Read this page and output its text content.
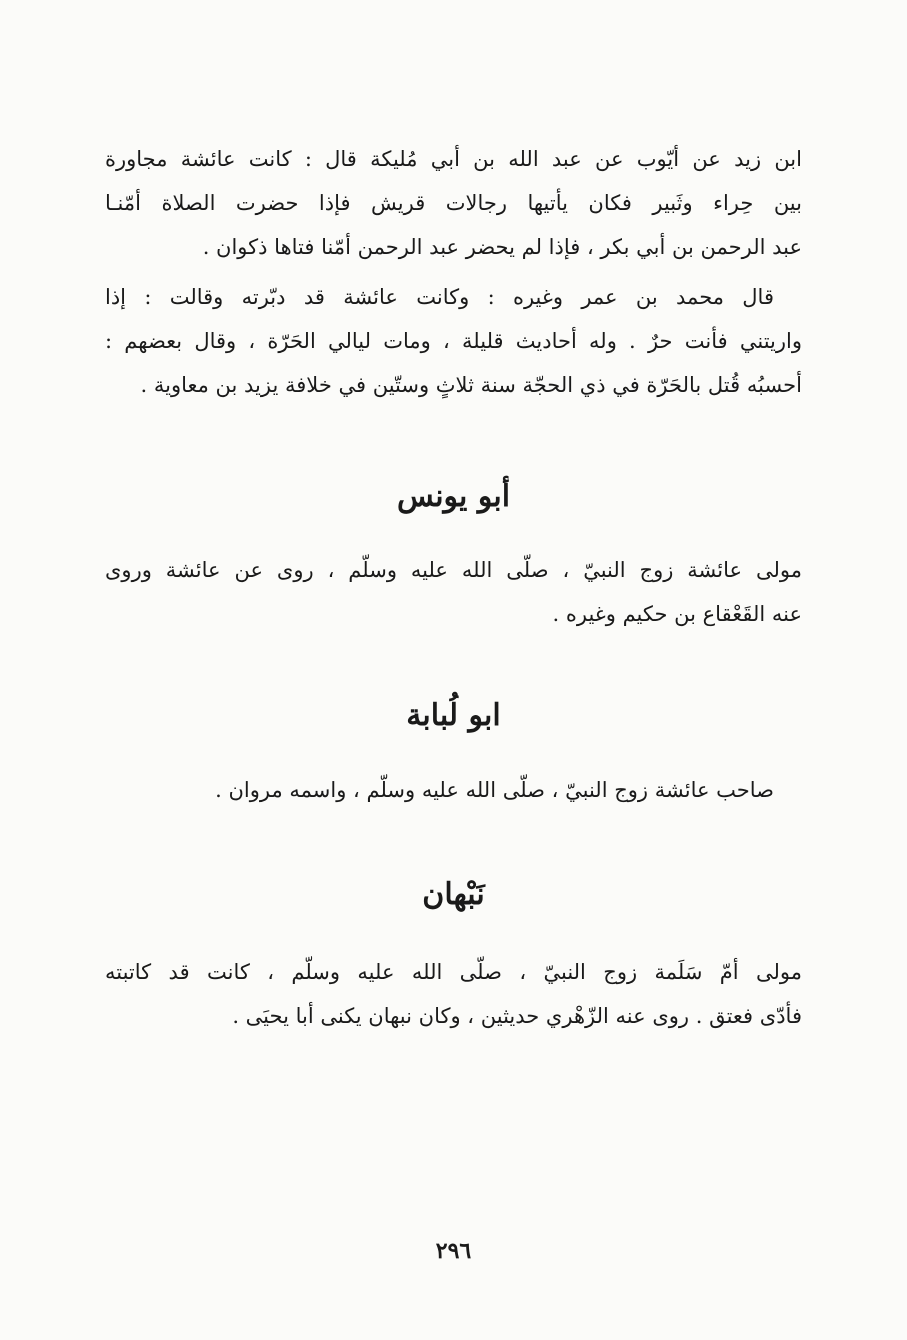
ابن زيد عن أيّوب عن عبد الله بن أبي مُليكة قال : كانت عائشة مجاورة
بين حِراء وثَبير فكان يأتيها رجالات قريش فإذا حضرت الصلاة أمّنـا
عبد الرحمن بن أبي بكر ، فإذا لم يحضر عبد الرحمن أمّنا فتاها ذكوان .
قال محمد بن عمر وغيره : وكانت عائشة قد دبّرته وقالت : إذا
واريتني فأنت حرٌ . وله أحاديث قليلة ، ومات ليالي الحَرّة ، وقال بعضهم :
أحسبُه قُتل بالحَرّة في ذي الحجّة سنة ثلاثٍ وستّين في خلافة يزيد بن معاوية .
أبو يونس
مولى عائشة زوج النبيّ ، صلّى الله عليه وسلّم ، روى عن عائشة وروى
عنه القَعْقاع بن حكيم وغيره .
ابو لُبابة
صاحب عائشة زوج النبيّ ، صلّى الله عليه وسلّم ، واسمه مروان .
نَبْهان
مولى أمّ سَلَمة زوج النبيّ ، صلّى الله عليه وسلّم ، كانت قد كاتبته
فأدّى فعتق . روى عنه الزّهْري حديثين ، وكان نبهان يكنى أبا يحيَى .
٢٩٦
